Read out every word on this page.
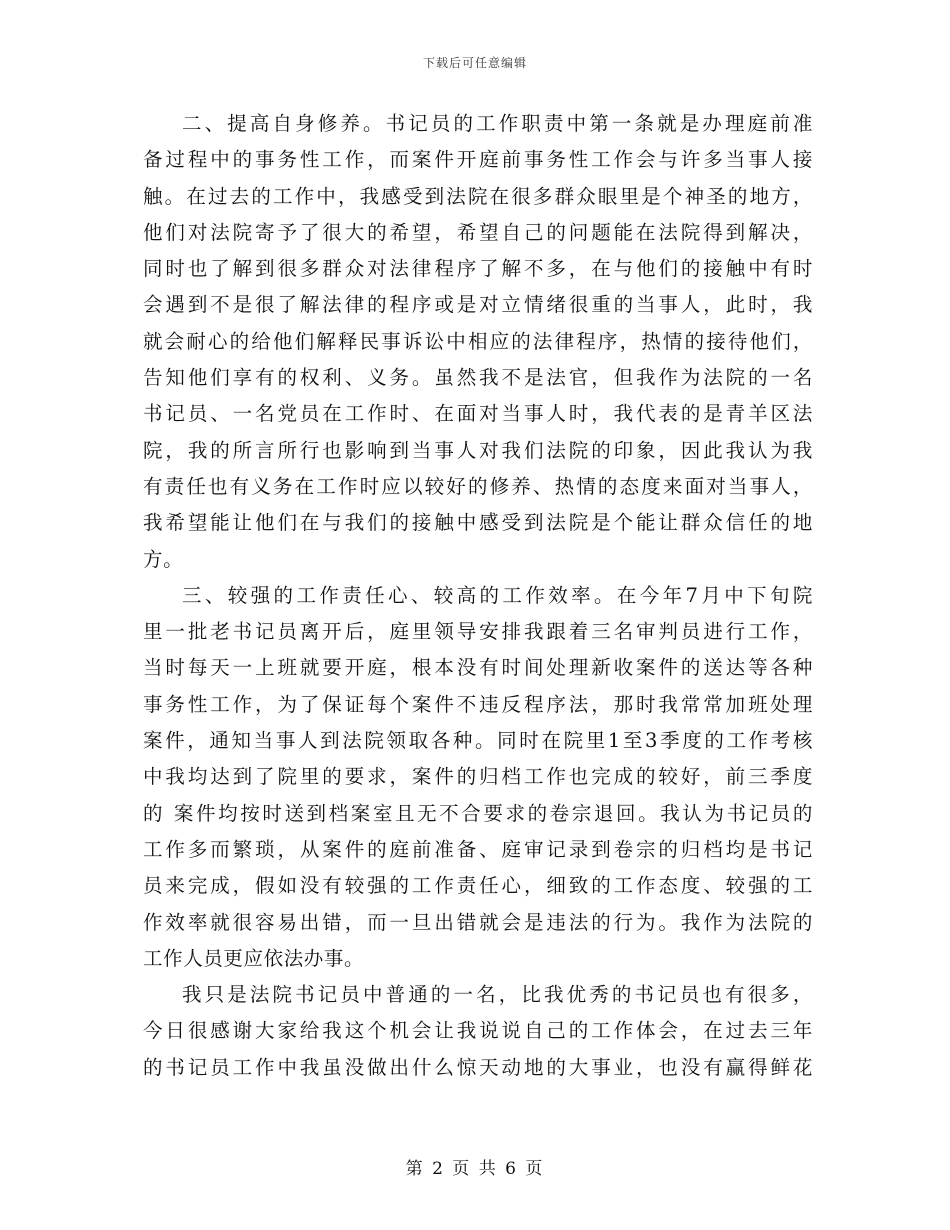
下载后可任意编辑

二、提高自身修养。书记员的工作职责中第一条就是办理庭前准
备过程中的事务性工作，而案件开庭前事务性工作会与许多当事人接
触。在过去的工作中，我感受到法院在很多群众眼里是个神圣的地方，
他们对法院寄予了很大的希望，希望自己的问题能在法院得到解决，
同时也了解到很多群众对法律程序了解不多，在与他们的接触中有时
会遇到不是很了解法律的程序或是对立情绪很重的当事人，此时，我
就会耐心的给他们解释民事诉讼中相应的法律程序，热情的接待他们，
告知他们享有的权利、义务。虽然我不是法官，但我作为法院的一名
书记员、一名党员在工作时、在面对当事人时，我代表的是青羊区法
院，我的所言所行也影响到当事人对我们法院的印象，因此我认为我
有责任也有义务在工作时应以较好的修养、热情的态度来面对当事人，
我希望能让他们在与我们的接触中感受到法院是个能让群众信任的地
方。

三、较强的工作责任心、较高的工作效率。在今年7月中下旬院
里一批老书记员离开后，庭里领导安排我跟着三名审判员进行工作，
当时每天一上班就要开庭，根本没有时间处理新收案件的送达等各种
事务性工作，为了保证每个案件不违反程序法，那时我常常加班处理
案件，通知当事人到法院领取各种。同时在院里1至3季度的工作考核
中我均达到了院里的要求，案件的归档工作也完成的较好，前三季度
的 案件均按时送到档案室且无不合要求的卷宗退回。我认为书记员的
工作多而繁琐，从案件的庭前准备、庭审记录到卷宗的归档均是书记
员来完成，假如没有较强的工作责任心，细致的工作态度、较强的工
作效率就很容易出错，而一旦出错就会是违法的行为。我作为法院的
工作人员更应依法办事。

我只是法院书记员中普通的一名，比我优秀的书记员也有很多，
今日很感谢大家给我这个机会让我说说自己的工作体会，在过去三年
的书记员工作中我虽没做出什么惊天动地的大事业，也没有赢得鲜花

第 2 页 共 6 页
